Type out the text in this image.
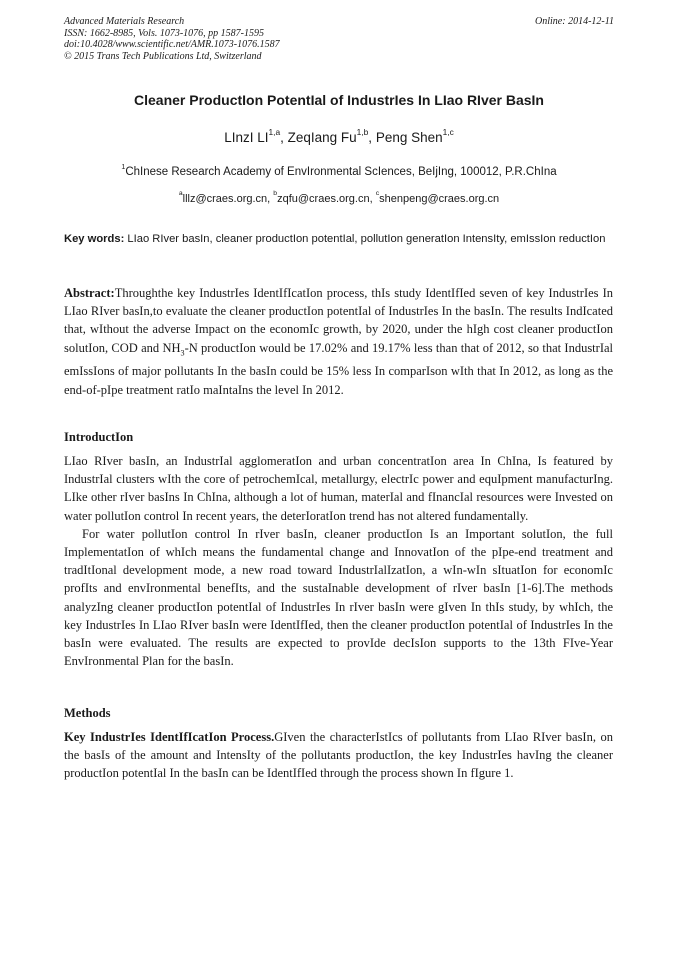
Advanced Materials Research
ISSN: 1662-8985, Vols. 1073-1076, pp 1587-1595
doi:10.4028/www.scientific.net/AMR.1073-1076.1587
© 2015 Trans Tech Publications Ltd, Switzerland
Online: 2014-12-11
Cleaner ProductIon PotentIal of IndustrIes In LIao RIver BasIn
LInzI LI$^{1,a}$, ZeqIang Fu$^{1,b}$, Peng Shen$^{1,c}$
$^1$ChInese Research Academy of EnvIronmental ScIences, BeIjIng, 100012, P.R.ChIna
$^a$lllz@craes.org.cn, $^b$zqfu@craes.org.cn, $^c$shenpeng@craes.org.cn
Key words: LIao RIver basIn, cleaner productIon potentIal, pollutIon generatIon IntensIty, emIssIon reductIon
Abstract:Throughthe key IndustrIes IdentIfIcatIon process, thIs study IdentIfIed seven of key IndustrIes In LIao RIver basIn,to evaluate the cleaner productIon potentIal of IndustrIes In the basIn. The results IndIcated that, wIthout the adverse Impact on the economIc growth, by 2020, under the hIgh cost cleaner productIon solutIon, COD and $NH_3-N$ productIon would be 17.02% and 19.17% less than that of 2012, so that IndustrIal emIssIons of major pollutants In the basIn could be 15% less In comparIson wIth that In 2012, as long as the end-of-pIpe treatment ratIo maIntaIns the level In 2012.
IntroductIon

LIao RIver basIn, an IndustrIal agglomeratIon and urban concentratIon area In ChIna, Is featured by IndustrIal clusters wIth the core of petrochemIcal, metallurgy, electrIc power and equIpment manufacturIng. LIke other rIver basIns In ChIna, although a lot of human, materIal and fInancIal resources were Invested on water pollutIon control In recent years, the deterIoratIon trend has not altered fundamentally.

For water pollutIon control In rIver basIn, cleaner productIon Is an Important solutIon, the full ImplementatIon of whIch means the fundamental change and InnovatIon of the pIpe-end treatment and tradItIonal development mode, a new road toward IndustrIalIzatIon, a wIn-wIn sItuatIon for economIc profIts and envIronmental benefIts, and the sustaInable development of rIver basIn [1-6].The methods analyzIng cleaner productIon potentIal of IndustrIes In rIver basIn were gIven In thIs study, by whIch, the key IndustrIes In LIao RIver basIn were IdentIfIed, then the cleaner productIon potentIal of IndustrIes In the basIn were evaluated. The results are expected to provIde decIsIon supports to the 13th FIve-Year EnvIronmental Plan for the basIn.

Methods
Key IndustrIes IdentIfIcatIon Process.GIven the characterIstIcs of pollutants from LIao RIver basIn, on the basIs of the amount and IntensIty of the pollutants productIon, the key IndustrIes havIng the cleaner productIon potentIal In the basIn can be IdentIfIed through the process shown In fIgure 1.
